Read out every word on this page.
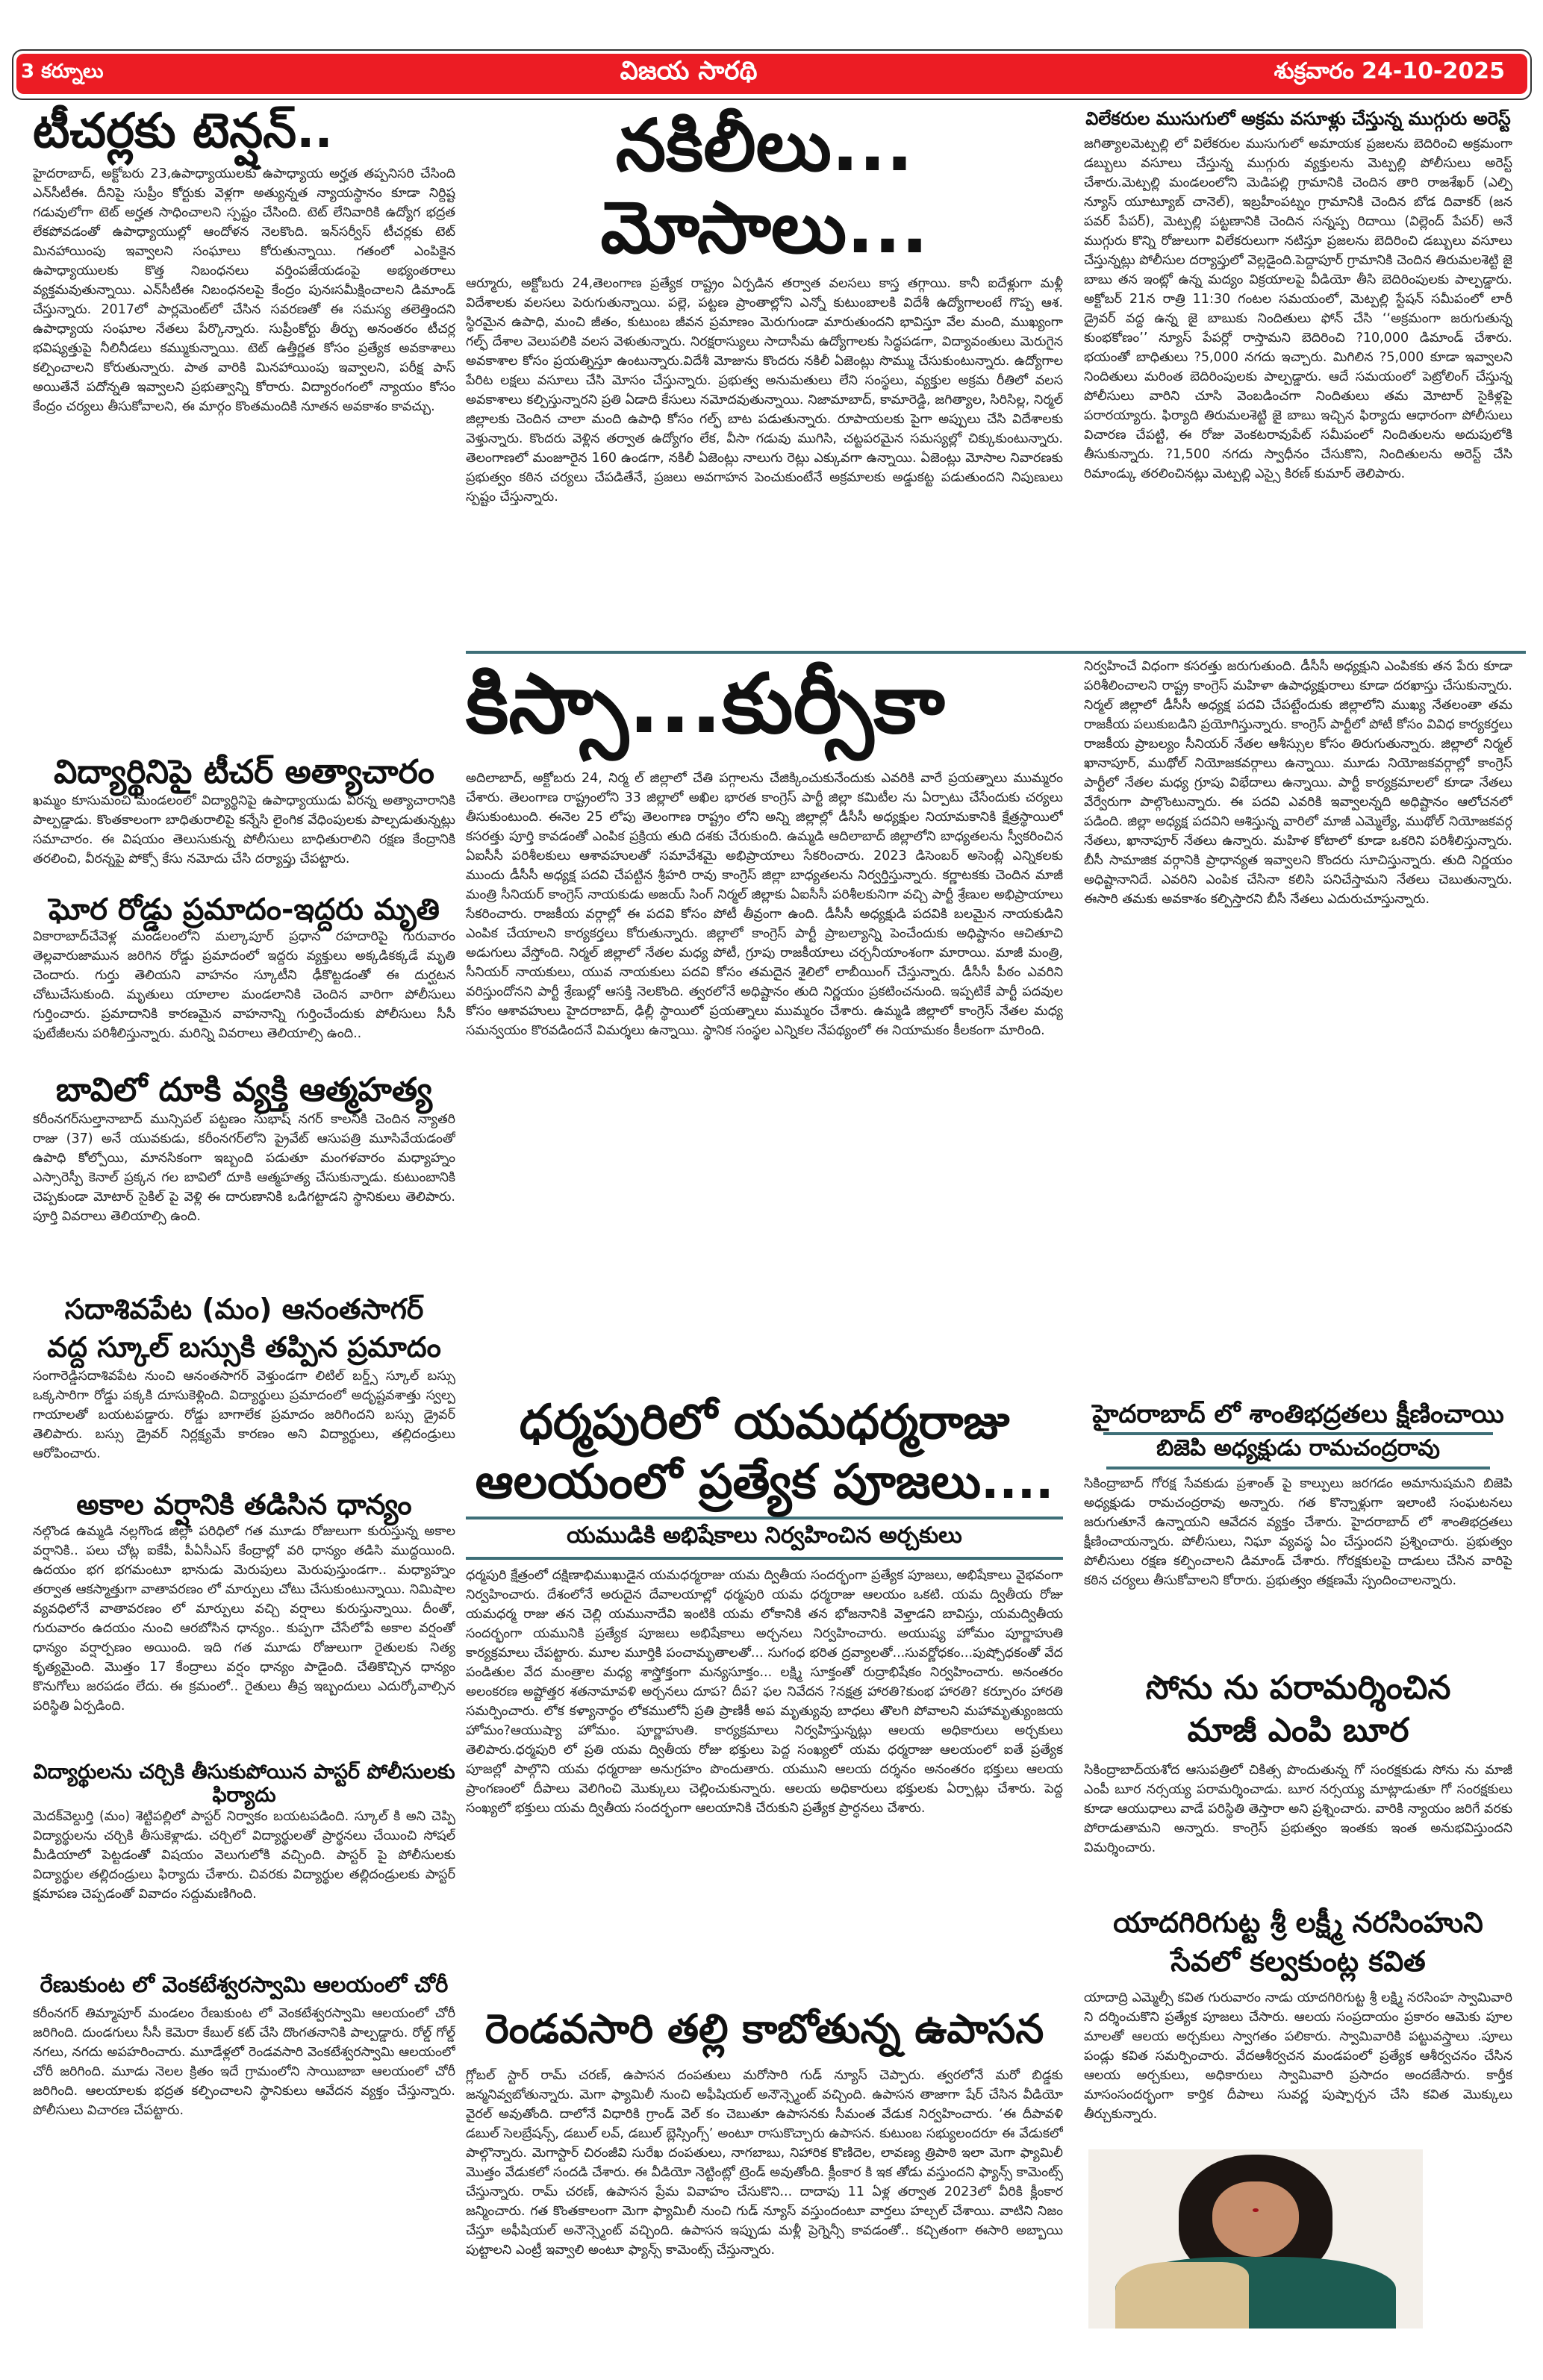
3 కర్నూలు	విజయ సారథి	శుక్రవారం 24-10-2025
టీచర్లకు టెన్షన్..

హైదరాబాద్, అక్టోబరు 23,ఉపాధ్యాయులకు ఉపాధ్యాయ అర్హత తప్పనిసరి చేసింది ఎన్‌సీటీఈ. దీనిపై సుప్రీం కోర్టుకు వెళ్లగా అత్యున్నత న్యాయస్థానం కూడా నిర్దిష్ట గడువులోగా టెట్ అర్హత సాధించాలని స్పష్టం చేసింది. టెట్ లేనివారికి ఉద్యోగ భద్రత లేకపోవడంతో ఉపాధ్యాయుల్లో ఆందోళన నెలకొంది. ఇన్‌సర్వీస్ టీచర్లకు టెట్ మినహాయింపు ఇవ్వాలని సంఘాలు కోరుతున్నాయి. గతంలో ఎంపికైన ఉపాధ్యాయులకు కొత్త నిబంధనలు వర్తింపజేయడంపై అభ్యంతరాలు వ్యక్తమవుతున్నాయి. ఎన్‌సీటీఈ నిబంధనలపై కేంద్రం పునఃసమీక్షించాలని డిమాండ్ చేస్తున్నారు. 2017లో పార్లమెంట్‌లో చేసిన సవరణతో ఈ సమస్య తలెత్తిందని ఉపాధ్యాయ సంఘాల నేతలు పేర్కొన్నారు. సుప్రీంకోర్టు తీర్పు అనంతరం టీచర్ల భవిష్యత్తుపై నీలినీడలు కమ్ముకున్నాయి. టెట్ ఉత్తీర్ణత కోసం ప్రత్యేక అవకాశాలు కల్పించాలని కోరుతున్నారు. పాత వారికి మినహాయింపు ఇవ్వాలని, పరీక్ష పాస్ అయితేనే పదోన్నతి ఇవ్వాలని ప్రభుత్వాన్ని కోరారు. విద్యారంగంలో న్యాయం కోసం కేంద్రం చర్యలు తీసుకోవాలని, ఈ మార్గం కొంతమందికి నూతన అవకాశం కావచ్చు.

విద్యార్థినిపై టీచర్ అత్యాచారం

ఖమ్మం కూసుమంచి మండలంలో విద్యార్థినిపై ఉపాధ్యాయుడు వీరన్న అత్యాచారానికి పాల్పడ్డాడు. కొంతకాలంగా బాధితురాలిపై కన్నేసి లైంగిక వేధింపులకు పాల్పడుతున్నట్లు సమాచారం. ఈ విషయం తెలుసుకున్న పోలీసులు బాధితురాలిని రక్షణ కేంద్రానికి తరలించి, వీరన్నపై పోక్సో కేసు నమోదు చేసి దర్యాప్తు చేపట్టారు.

ఘోర రోడ్డు ప్రమాదం-ఇద్దరు మృతి

వికారాబాద్‌చేవెళ్ల మండలంలోని మల్కాపూర్ ప్రధాన రహదారిపై గురువారం తెల్లవారుజామున జరిగిన రోడ్డు ప్రమాదంలో ఇద్దరు వ్యక్తులు అక్కడికక్కడే మృతి చెందారు. గుర్తు తెలియని వాహనం స్కూటీని ఢీకొట్టడంతో ఈ దుర్ఘటన చోటుచేసుకుంది. మృతులు యాలాల మండలానికి చెందిన వారిగా పోలీసులు గుర్తించారు. ప్రమాదానికి కారణమైన వాహనాన్ని గుర్తించేందుకు పోలీసులు సీసీ ఫుటేజీలను పరిశీలిస్తున్నారు. మరిన్ని వివరాలు తెలియాల్సి ఉంది..

బావిలో దూకి వ్యక్తి ఆత్మహత్య

కరీంనగర్‌సుల్తానాబాద్ మున్సిపల్ పట్టణం సుభాష్ నగర్ కాలనీకి చెందిన న్యాతరి రాజు (37) అనే యువకుడు, కరీంనగర్‌లోని ప్రైవేట్ ఆసుపత్రి మూసివేయడంతో ఉపాధి కోల్పోయి, మానసికంగా ఇబ్బంది పడుతూ మంగళవారం మధ్యాహ్నం ఎస్సారెస్పీ కెనాల్ ప్రక్కన గల బావిలో దూకి ఆత్మహత్య చేసుకున్నాడు. కుటుంబానికి చెప్పకుండా మోటార్ సైకిల్ పై వెళ్లి ఈ దారుణానికి ఒడిగట్టాడని స్థానికులు తెలిపారు. పూర్తి వివరాలు తెలియాల్సి ఉంది.

సదాశివపేట (మం) ఆనంతసాగర్
వద్ద స్కూల్ బస్సుకి తప్పిన ప్రమాదం

సంగారెడ్డిసదాశివపేట నుంచి ఆనంతసాగర్ వెళ్తుండగా లిటిల్ బర్డ్స్ స్కూల్ బస్సు ఒక్కసారిగా రోడ్డు పక్కకి దూసుకెళ్లింది. విద్యార్థులు ప్రమాదంలో అదృష్టవశాత్తు స్వల్ప గాయాలతో బయటపడ్డారు. రోడ్డు బాగాలేక ప్రమాదం జరిగిందని బస్సు డ్రైవర్ తెలిపారు. బస్సు డ్రైవర్ నిర్లక్ష్యమే కారణం అని విద్యార్థులు, తల్లిదండ్రులు ఆరోపించారు.

అకాల వర్షానికి తడిసిన ధాన్యం

నల్గొండ ఉమ్మడి నల్లగొండ జిల్లా పరిధిలో గత మూడు రోజులుగా కురుస్తున్న అకాల వర్షానికి.. పలు చోట్ల ఐకేపీ, పీఏసీఎస్ కేంద్రాల్లో వరి ధాన్యం తడిసి ముద్దయింది. ఉదయం భగ భగమంటూ భానుడు మెరుపులు మెరుపుస్తుండగా.. మధ్యాహ్నం తర్వాత ఆకస్మాత్తుగా వాతావరణం లో మార్పులు చోటు చేసుకుంటున్నాయి. నిమిషాల వ్యవధిలోనే వాతావరణం లో మార్పులు వచ్చి వర్షాలు కురుస్తున్నాయి. దీంతో, గురువారం ఉదయం నుంచి ఆరబోసిన ధాన్యం.. కుప్పగా చేసేలోపే అకాల వర్షంతో ధాన్యం వర్షార్పణం అయింది. ఇది గత మూడు రోజులుగా రైతులకు నిత్య కృత్యమైంది. మొత్తం 17 కేంద్రాలు వర్షం ధాన్యం పాడైంది. చేతికొచ్చిన ధాన్యం కొనుగోలు జరపడం లేదు. ఈ క్రమంలో.. రైతులు తీవ్ర ఇబ్బందులు ఎదుర్కోవాల్సిన పరిస్థితి ఏర్పడింది.

విద్యార్థులను చర్చికి తీసుకుపోయిన పాస్టర్ పోలీసులకు ఫిర్యాదు

మెదక్‌వెల్దుర్తి (మం) శెట్టిపల్లిలో పాస్టర్ నిర్వాకం బయటపడింది. స్కూల్ కి అని చెప్పి విద్యార్థులను చర్చికి తీసుకెళ్లాడు. చర్చిలో విద్యార్థులతో ప్రార్థనలు చేయించి సోషల్ మీడియాలో పెట్టడంతో విషయం వెలుగులోకి వచ్చింది. పాస్టర్ పై పోలీసులకు విద్యార్థుల తల్లిదండ్రులు ఫిర్యాదు చేశారు. చివరకు విద్యార్థుల తల్లిదండ్రులకు పాస్టర్ క్షమాపణ చెప్పడంతో వివాదం సద్దుమణిగింది.

రేణుకుంట లో వెంకటేశ్వరస్వామి ఆలయంలో చోరీ

కరీంనగర్ తిమ్మాపూర్ మండలం రేణుకుంట లో వెంకటేశ్వరస్వామి ఆలయంలో చోరీ జరిగింది. దుండగులు సీసీ కెమెరా కేబుల్ కట్ చేసి దొంగతనానికి పాల్పడ్డారు. రోల్డ్ గోల్డ్ నగలు, నగదు అపహరించారు. మూడేళ్లలో రెండవసారి వెంకటేశ్వరస్వామి ఆలయంలో చోరీ జరిగింది. మూడు నెలల క్రితం ఇదే గ్రామంలోని సాయిబాబా ఆలయంలో చోరీ జరిగింది. ఆలయాలకు భద్రత కల్పించాలని స్థానికులు ఆవేదన వ్యక్తం చేస్తున్నారు. పోలీసులు విచారణ చేపట్టారు.

నకిలీలు... మోసాలు...

ఆర్మూరు, అక్టోబరు 24,తెలంగాణ ప్రత్యేక రాష్ట్రం ఏర్పడిన తర్వాత వలసలు కాస్త తగ్గాయి. కానీ ఐదేళ్లుగా మళ్లీ విదేశాలకు వలసలు పెరుగుతున్నాయి. పల్లె, పట్టణ ప్రాంతాల్లోని ఎన్నో కుటుంబాలకి విదేశీ ఉద్యోగాలంటే గొప్ప ఆశ. స్థిరమైన ఉపాధి, మంచి జీతం, కుటుంబ జీవన ప్రమాణం మెరుగుండా మారుతుందని భావిస్తూ వేల మంది, ముఖ్యంగా గల్ఫ్ దేశాల వెలుపలికి వలస వెళుతున్నారు. నిరక్షరాస్యులు సాదాసీమ ఉద్యోగాలకు సిద్ధపడగా, విద్యావంతులు మెరుగైన అవకాశాల కోసం ప్రయత్నిస్తూ ఉంటున్నారు.విదేశీ మోజును కొందరు నకిలీ ఏజెంట్లు సొమ్ము చేసుకుంటున్నారు. ఉద్యోగాల పేరిట లక్షలు వసూలు చేసి మోసం చేస్తున్నారు. ప్రభుత్వ అనుమతులు లేని సంస్థలు, వ్యక్తుల అక్రమ రీతిలో వలస అవకాశాలు కల్పిస్తున్నారని ప్రతి ఏడాది కేసులు నమోదవుతున్నాయి. నిజామాబాద్, కామారెడ్డి, జగిత్యాల, సిరిసిల్ల, నిర్మల్ జిల్లాలకు చెందిన చాలా మంది ఉపాధి కోసం గల్ఫ్ బాట పడుతున్నారు. రూపాయలకు పైగా అప్పులు చేసి విదేశాలకు వెళ్తున్నారు. కొందరు వెళ్లిన తర్వాత ఉద్యోగం లేక, వీసా గడువు ముగిసి, చట్టపరమైన సమస్యల్లో చిక్కుకుంటున్నారు. తెలంగాణలో మంజూరైన 160 ఉండగా, నకిలీ ఏజెంట్లు నాలుగు రెట్లు ఎక్కువగా ఉన్నాయి. ఏజెంట్లు మోసాల నివారణకు ప్రభుత్వం కఠిన చర్యలు చేపడితేనే, ప్రజలు అవగాహన పెంచుకుంటేనే అక్రమాలకు అడ్డుకట్ట పడుతుందని నిపుణులు స్పష్టం చేస్తున్నారు.

విలేకరుల ముసుగులో అక్రమ వసూళ్లు చేస్తున్న ముగ్గురు అరెస్ట్

జగిత్యాలమెట్పల్లి లో విలేకరుల ముసుగులో అమాయక ప్రజలను బెదిరించి అక్రమంగా డబ్బులు వసూలు చేస్తున్న ముగ్గురు వ్యక్తులను మెట్పల్లి పోలీసులు అరెస్ట్ చేశారు.మెట్పల్లి మండలంలోని మెడిపల్లి గ్రామానికి చెందిన తారి రాజశేఖర్ (ఎల్పి న్యూస్ యూట్యూబ్ చానెల్), ఇబ్రహీంపట్నం గ్రామానికి చెందిన బోడ దివాకర్ (జన పవర్ పేపర్), మెట్పల్లి పట్టణానికి చెందిన సన్నప్ప రిదాయి (విల్లెంద్ పేపర్) అనే ముగ్గురు కొన్ని రోజులుగా విలేకరులుగా నటిస్తూ ప్రజలను బెదిరించి డబ్బులు వసూలు చేస్తున్నట్లు పోలీసుల దర్యాప్తులో వెల్లడైంది.పెద్దాపూర్ గ్రామానికి చెందిన తిరుమలశెట్టి జై బాబు తన ఇంట్లో ఉన్న మద్యం విక్రయాలపై వీడియో తీసి బెదిరింపులకు పాల్పడ్డారు. అక్టోబర్ 21న రాత్రి 11:30 గంటల సమయంలో, మెట్పల్లి స్టేషన్ సమీపంలో లారీ డ్రైవర్ వద్ద ఉన్న జై బాబుకు నిందితులు ఫోన్ చేసి ‘‘అక్రమంగా జరుగుతున్న కుంభకోణం’’ న్యూస్ పేపర్లో రాస్తామని బెదిరించి ?10,000 డిమాండ్ చేశారు. భయంతో బాధితులు ?5,000 నగదు ఇచ్చారు. మిగిలిన ?5,000 కూడా ఇవ్వాలని నిందితులు మరింత బెదిరింపులకు పాల్పడ్డారు. ఆదే సమయంలో పెట్రోలింగ్ చేస్తున్న పోలీసులు వారిని చూసి వెంబడించగా నిందితులు తమ మోటార్ సైకిళ్లపై పరారయ్యారు. ఫిర్యాది తిరుమలశెట్టి జై బాబు ఇచ్చిన ఫిర్యాదు ఆధారంగా పోలీసులు విచారణ చేపట్టి, ఈ రోజు వెంకటరావుపేట్ సమీపంలో నిందితులను అదుపులోకి తీసుకున్నారు. ?1,500 నగదు స్వాధీనం చేసుకొని, నిందితులను అరెస్ట్ చేసి రిమాండ్కు తరలించినట్లు మెట్పల్లి ఎస్సై కిరణ్ కుమార్ తెలిపారు.

కిస్సా...కుర్సీకా

అదిలాబాద్, అక్టోబరు 24, నిర్మ ల్ జిల్లాలో చేతి పగ్గాలను చేజిక్కించుకునేందుకు ఎవరికి వారే ప్రయత్నాలు ముమ్మరం చేశారు. తెలంగాణ రాష్ట్రంలోని 33 జిల్లాలో అఖిల భారత కాంగ్రెస్ పార్టీ జిల్లా కమిటీల ను ఏర్పాటు చేసేందుకు చర్యలు తీసుకుంటుంది. ఈనెల 25 లోపు తెలంగాణ రాష్ట్రం లోని అన్ని జిల్లాల్లో డీసీసీ అధ్యక్షుల నియామకానికి క్షేత్రస్థాయిలో కసరత్తు పూర్తి కావడంతో ఎంపిక ప్రక్రియ తుది దశకు చేరుకుంది. ఉమ్మడి ఆదిలాబాద్ జిల్లాలోని బాధ్యతలను స్వీకరించిన ఏఐసీసీ పరిశీలకులు ఆశావహులతో సమావేశమై అభిప్రాయాలు సేకరించారు. 2023 డిసెంబర్ అసెంబ్లీ ఎన్నికలకు ముందు డీసీసీ అధ్యక్ష పదవి చేపట్టిన శ్రీహరి రావు కాంగ్రెస్ జిల్లా బాధ్యతలను నిర్వర్తిస్తున్నారు. కర్ణాటకకు చెందిన మాజీ మంత్రి సీనియర్ కాంగ్రెస్ నాయకుడు అజయ్ సింగ్ నిర్మల్ జిల్లాకు ఏఐసీసీ పరిశీలకునిగా వచ్చి పార్టీ శ్రేణుల అభిప్రాయాలు సేకరించారు. రాజకీయ వర్గాల్లో ఈ పదవి కోసం పోటీ తీవ్రంగా ఉంది. డీసీసీ అధ్యక్షుడి పదవికి బలమైన నాయకుడిని ఎంపిక చేయాలని కార్యకర్తలు కోరుతున్నారు. జిల్లాలో కాంగ్రెస్ పార్టీ ప్రాబల్యాన్ని పెంచేందుకు అధిష్టానం ఆచితూచి అడుగులు వేస్తోంది. నిర్మల్ జిల్లాలో నేతల మధ్య పోటీ, గ్రూపు రాజకీయాలు చర్చనీయాంశంగా మారాయి. మాజీ మంత్రి, సీనియర్ నాయకులు, యువ నాయకులు పదవి కోసం తమదైన శైలిలో లాబీయింగ్ చేస్తున్నారు. డీసీసీ పీఠం ఎవరిని వరిస్తుందోనని పార్టీ శ్రేణుల్లో ఆసక్తి నెలకొంది. త్వరలోనే అధిష్టానం తుది నిర్ణయం ప్రకటించనుంది. ఇప్పటికే పార్టీ పదవుల కోసం ఆశావహులు హైదరాబాద్, ఢిల్లీ స్థాయిలో ప్రయత్నాలు ముమ్మరం చేశారు. ఉమ్మడి జిల్లాలో కాంగ్రెస్ నేతల మధ్య సమన్వయం కొరవడిందనే విమర్శలు ఉన్నాయి. స్థానిక సంస్థల ఎన్నికల నేపథ్యంలో ఈ నియామకం కీలకంగా మారింది.

నిర్వహించే విధంగా కసరత్తు జరుగుతుంది. డీసీసీ అధ్యక్షుని ఎంపికకు తన పేరు కూడా పరిశీలించాలని రాష్ట్ర కాంగ్రెస్ మహిళా ఉపాధ్యక్షురాలు కూడా దరఖాస్తు చేసుకున్నారు. నిర్మల్ జిల్లాలో డీసీసీ అధ్యక్ష పదవి చేపట్టేందుకు జిల్లాలోని ముఖ్య నేతలంతా తమ రాజకీయ పలుకుబడిని ప్రయోగిస్తున్నారు. కాంగ్రెస్ పార్టీలో పోటీ కోసం వివిధ కార్యకర్తలు రాజకీయ ప్రాబల్యం సీనియర్ నేతల ఆశీస్సుల కోసం తిరుగుతున్నారు. జిల్లాలో నిర్మల్ ఖానాపూర్, ముథోల్ నియోజకవర్గాలు ఉన్నాయి. మూడు నియోజకవర్గాల్లో కాంగ్రెస్ పార్టీలో నేతల మధ్య గ్రూపు విభేదాలు ఉన్నాయి. పార్టీ కార్యక్రమాలలో కూడా నేతలు వేర్వేరుగా పాల్గొంటున్నారు. ఈ పదవి ఎవరికి ఇవ్వాలన్నది అధిష్టానం ఆలోచనలో పడింది. జిల్లా అధ్యక్ష పదవిని ఆశిస్తున్న వారిలో మాజీ ఎమ్మెల్యే, ముథోల్ నియోజకవర్గ నేతలు, ఖానాపూర్ నేతలు ఉన్నారు. మహిళ కోటాలో కూడా ఒకరిని పరిశీలిస్తున్నారు. బీసీ సామాజిక వర్గానికి ప్రాధాన్యత ఇవ్వాలని కొందరు సూచిస్తున్నారు. తుది నిర్ణయం అధిష్టానానిదే. ఎవరిని ఎంపిక చేసినా కలిసి పనిచేస్తామని నేతలు చెబుతున్నారు. ఈసారి తమకు అవకాశం కల్పిస్తారని బీసీ నేతలు ఎదురుచూస్తున్నారు.

ధర్మపురిలో యమధర్మరాజు
ఆలయంలో ప్రత్యేక పూజలు....
యముడికి అభిషేకాలు నిర్వహించిన అర్చకులు

ధర్మపురి క్షేత్రంలో దక్షిణాభిముఖుడైన యమధర్మరాజు యమ ద్వితీయ సందర్భంగా ప్రత్యేక పూజలు, అభిషేకాలు వైభవంగా నిర్వహించారు. దేశంలోనే అరుదైన దేవాలయాల్లో ధర్మపురి యమ ధర్మరాజు ఆలయం ఒకటి. యమ ద్వితీయ రోజు యమధర్మ రాజు తన చెల్లి యమునాదేవి ఇంటికి యమ లోకానికి తన భోజనానికి వెళ్తాడని బావిస్తు, యమద్వితీయ సందర్భంగా యమునికి ప్రత్యేక పూజలు అభిషేకాలు అర్చనలు నిర్వహించారు. అయుష్య హోమం పూర్ణాహుతి కార్యక్రమాలు చేపట్టారు. మూల మూర్తికి పంచామృతాలతో... సుగంధ భరిత ద్రవ్యాలతో...సువర్ణోధకం...పుష్పోధకంతో వేద పండితుల వేద మంత్రాల మధ్య శాస్త్రోక్తంగా మన్యసూక్తం... లక్ష్మి సూక్తంతో రుద్రాభిషేకం నిర్వహించారు. అనంతరం అలంకరణ అష్టోత్తర శతనామావళి అర్చనలు దూప? దీప? ఫల నివేదన ?నక్షత్ర హారతి?కుంభ హారతి? కర్పూరం హారతి సమర్పించారు. లోక కళ్యానార్థం లోకములోనీ ప్రతి ప్రాణికీ అప మృత్యువు బాధలు తొలగి పోవాలని మహామృత్యుంజయ హోమం?ఆయుష్యా హోమం. పూర్ణాహుతి. కార్యక్రమాలు నిర్వహిస్తున్నట్లు ఆలయ అధికారులు అర్చకులు తెలిపారు.ధర్మపురి లో ప్రతి యమ ద్వితీయ రోజు భక్తులు పెద్ద సంఖ్యలో యమ ధర్మరాజు ఆలయంలో ఐతే ప్రత్యేక పూజల్లో పాల్గొని యమ ధర్మరాజు అనుగ్రహం పొందుతారు. యముని ఆలయ దర్శనం అనంతరం భక్తులు ఆలయ ప్రాంగణంలో దీపాలు వెలిగించి మొక్కులు చెల్లించుకున్నారు. ఆలయ అధికారులు భక్తులకు ఏర్పాట్లు చేశారు. పెద్ద సంఖ్యలో భక్తులు యమ ద్వితీయ సందర్భంగా ఆలయానికి చేరుకుని ప్రత్యేక ప్రార్ధనలు చేశారు.

రెండవసారి తల్లి కాబోతున్న ఉపాసన

గ్లోబల్ స్టార్ రామ్ చరణ్, ఉపాసన దంపతులు మరోసారి గుడ్ న్యూస్ చెప్పారు. త్వరలోనే మరో బిడ్డకు జన్మనివ్వబోతున్నారు. మెగా ఫ్యామిలీ నుంచి అఫీషియల్ అనౌన్స్మెంట్ వచ్చింది. ఉపాసన తాజాగా షేర్ చేసిన వీడియో వైరల్ అవుతోంది. దాలోనే విధారికి గ్రాండ్ వెల్ కం చెబుతూ ఉపాసనకు సీమంత వేడుక నిర్వహించారు. ‘ఈ దీపావళి డబుల్ సెలబ్రేషన్స్, డబుల్ లవ్, డబుల్ బ్లెస్సింగ్స్’ అంటూ రాసుకొచ్చారు ఉపాసన. కుటుంబ సభ్యులందరూ ఈ వేడుకలో పాల్గొన్నారు. మెగాస్టార్ చిరంజీవి సురేఖ దంపతులు, నాగబాబు, నిహారిక కొణిదెల, లావణ్య త్రిపాఠి ఇలా మెగా ఫ్యామిలీ మొత్తం వేడుకలో సందడి చేశారు. ఈ వీడియో నెట్టింట్లో ట్రెండ్ అవుతోంది. క్లీంకార కి ఇక తోడు వస్తుందని ఫ్యాన్స్ కామెంట్స్ చేస్తున్నారు. రామ్ చరణ్, ఉపాసన ప్రేమ వివాహం చేసుకొని... దాదాపు 11 ఏళ్ల తర్వాత 2023లో వీరికి క్లీంకార జన్మించారు. గత కొంతకాలంగా మెగా ఫ్యామిలీ నుంచి గుడ్ న్యూస్ వస్తుందంటూ వార్తలు హల్చల్ చేశాయి. వాటిని నిజం చేస్తూ అఫీషియల్ అనౌన్స్మెంట్ వచ్చింది. ఉపాసన ఇప్పుడు మళ్లీ ప్రెగ్నెన్సీ కావడంతో.. కచ్చితంగా ఈసారి అబ్బాయి పుట్టాలని ఎంట్రీ ఇవ్వాలి అంటూ ఫ్యాన్స్ కామెంట్స్ చేస్తున్నారు.

హైదరాబాద్ లో శాంతిభద్రతలు క్షీణించాయి
బిజెపి అధ్యక్షుడు రామచంద్రరావు

సికింద్రాబాద్ గోరక్ష సేవకుడు ప్రశాంత్ పై కాల్పులు జరగడం అమానుషమని బిజెపి అధ్యక్షుడు రామచంద్రరావు అన్నారు. గత కొన్నాళ్లుగా ఇలాంటి సంఘటనలు జరుగుతూనే ఉన్నాయని ఆవేదన వ్యక్తం చేశారు. హైదరాబాద్ లో శాంతిభద్రతలు క్షీణించాయన్నారు. పోలీసులు, నిఘా వ్యవస్థ ఏం చేస్తుందని ప్రశ్నించారు. ప్రభుత్వం పోలీసులు రక్షణ కల్పించాలని డిమాండ్ చేశారు. గోరక్షకులపై దాడులు చేసిన వారిపై కఠిన చర్యలు తీసుకోవాలని కోరారు. ప్రభుత్వం తక్షణమే స్పందించాలన్నారు.

సోను ను పరామర్శించిన
మాజీ ఎంపి బూర

సికింద్రాబాద్‌యశోద ఆసుపత్రిలో చికిత్స పొందుతున్న గో సంరక్షకుడు సోను ను మాజీ ఎంపీ బూర నర్సయ్య పరామర్శించాడు. బూర నర్సయ్య మాట్లాడుతూ గో సంరక్షకులు కూడా ఆయుధాలు వాడే పరిస్థితి తెస్తారా అని ప్రశ్నించారు. వారికి న్యాయం జరిగే వరకు పోరాడుతామని అన్నారు. కాంగ్రెస్ ప్రభుత్వం ఇంతకు ఇంత అనుభవిస్తుందని విమర్శించారు.

యాదగిరిగుట్ట శ్రీ లక్ష్మీ నరసింహుని
సేవలో కల్వకుంట్ల కవిత

యాదాద్రి ఎమ్మెల్సీ కవిత గురువారం నాడు యాదగిరిగుట్ట శ్రీ లక్ష్మి నరసింహ స్వామివారి ని దర్శించుకొని ప్రత్యేక పూజలు చేసారు. ఆలయ సంప్రదాయం ప్రకారం ఆమెకు పూల మాలతో ఆలయ అర్చకులు స్వాగతం పలికారు. స్వామివారికి పట్టువస్త్రాలు .పూలు పండ్లు కవిత సమర్పించారు. వేదఆశీర్వచన మండపంలో ప్రత్యేక ఆశీర్వచనం చేసిన ఆలయ అర్చకులు, అధికారులు స్వామివారి ప్రసాదం అందజేసారు. కార్తీక మాసంసందర్భంగా కార్తిక దీపాలు సువర్ణ పుష్పార్చన చేసి కవిత మొక్కులు తీర్చుకున్నారు.
